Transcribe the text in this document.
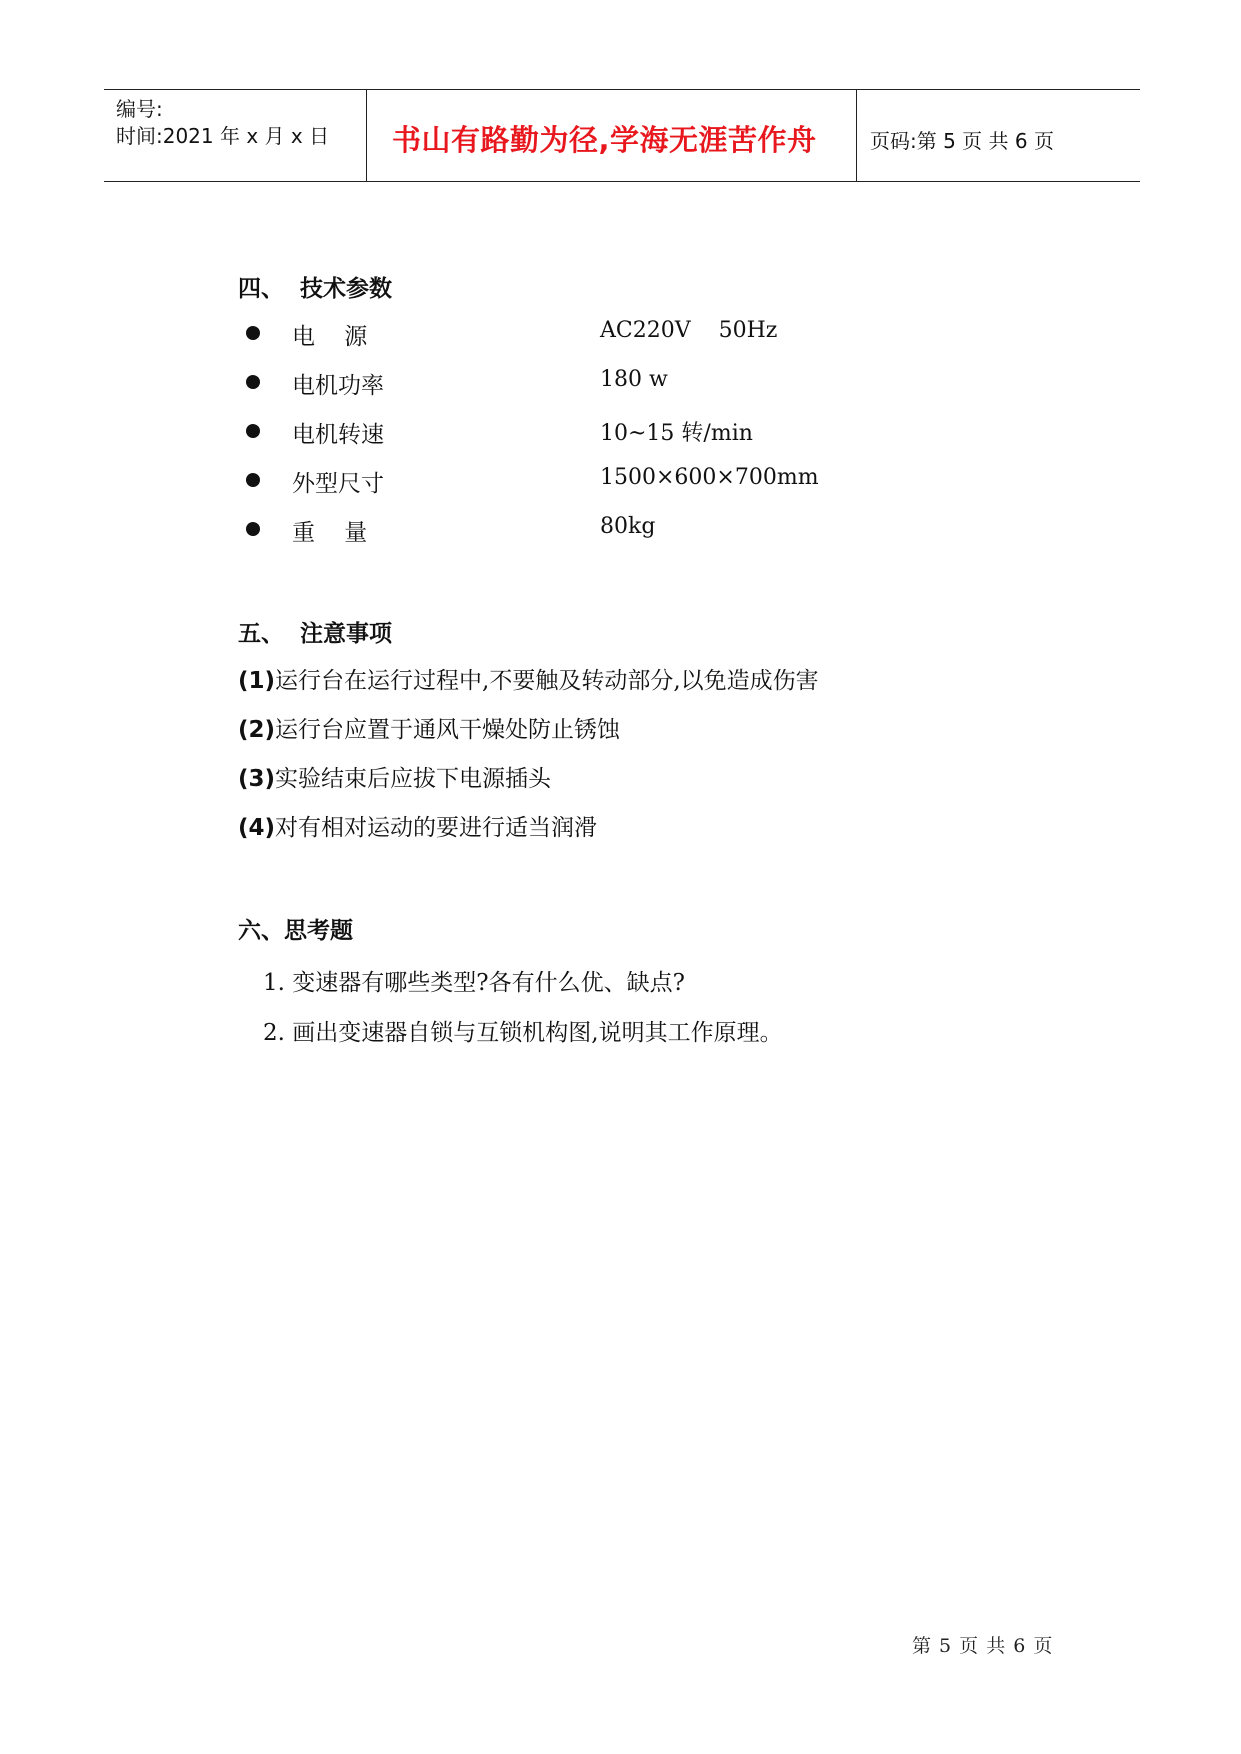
编号:
时间:2021 年 x 月 x 日 书山有路勤为径,学海无涯苦作舟	页码:第 5 页 共 6 页
四、 技术参数
电    源	AC220V    50Hz
电机功率	180 w
电机转速	10~15 转/min
外型尺寸	1500×600×700mm
重    量	80kg
五、 注意事项
(1)运行台在运行过程中,不要触及转动部分,以免造成伤害
(2)运行台应置于通风干燥处防止锈蚀
(3)实验结束后应拔下电源插头
(4)对有相对运动的要进行适当润滑
六、思考题
1. 变速器有哪些类型?各有什么优、缺点?
2. 画出变速器自锁与互锁机构图,说明其工作原理。
第 5 页 共 6 页
